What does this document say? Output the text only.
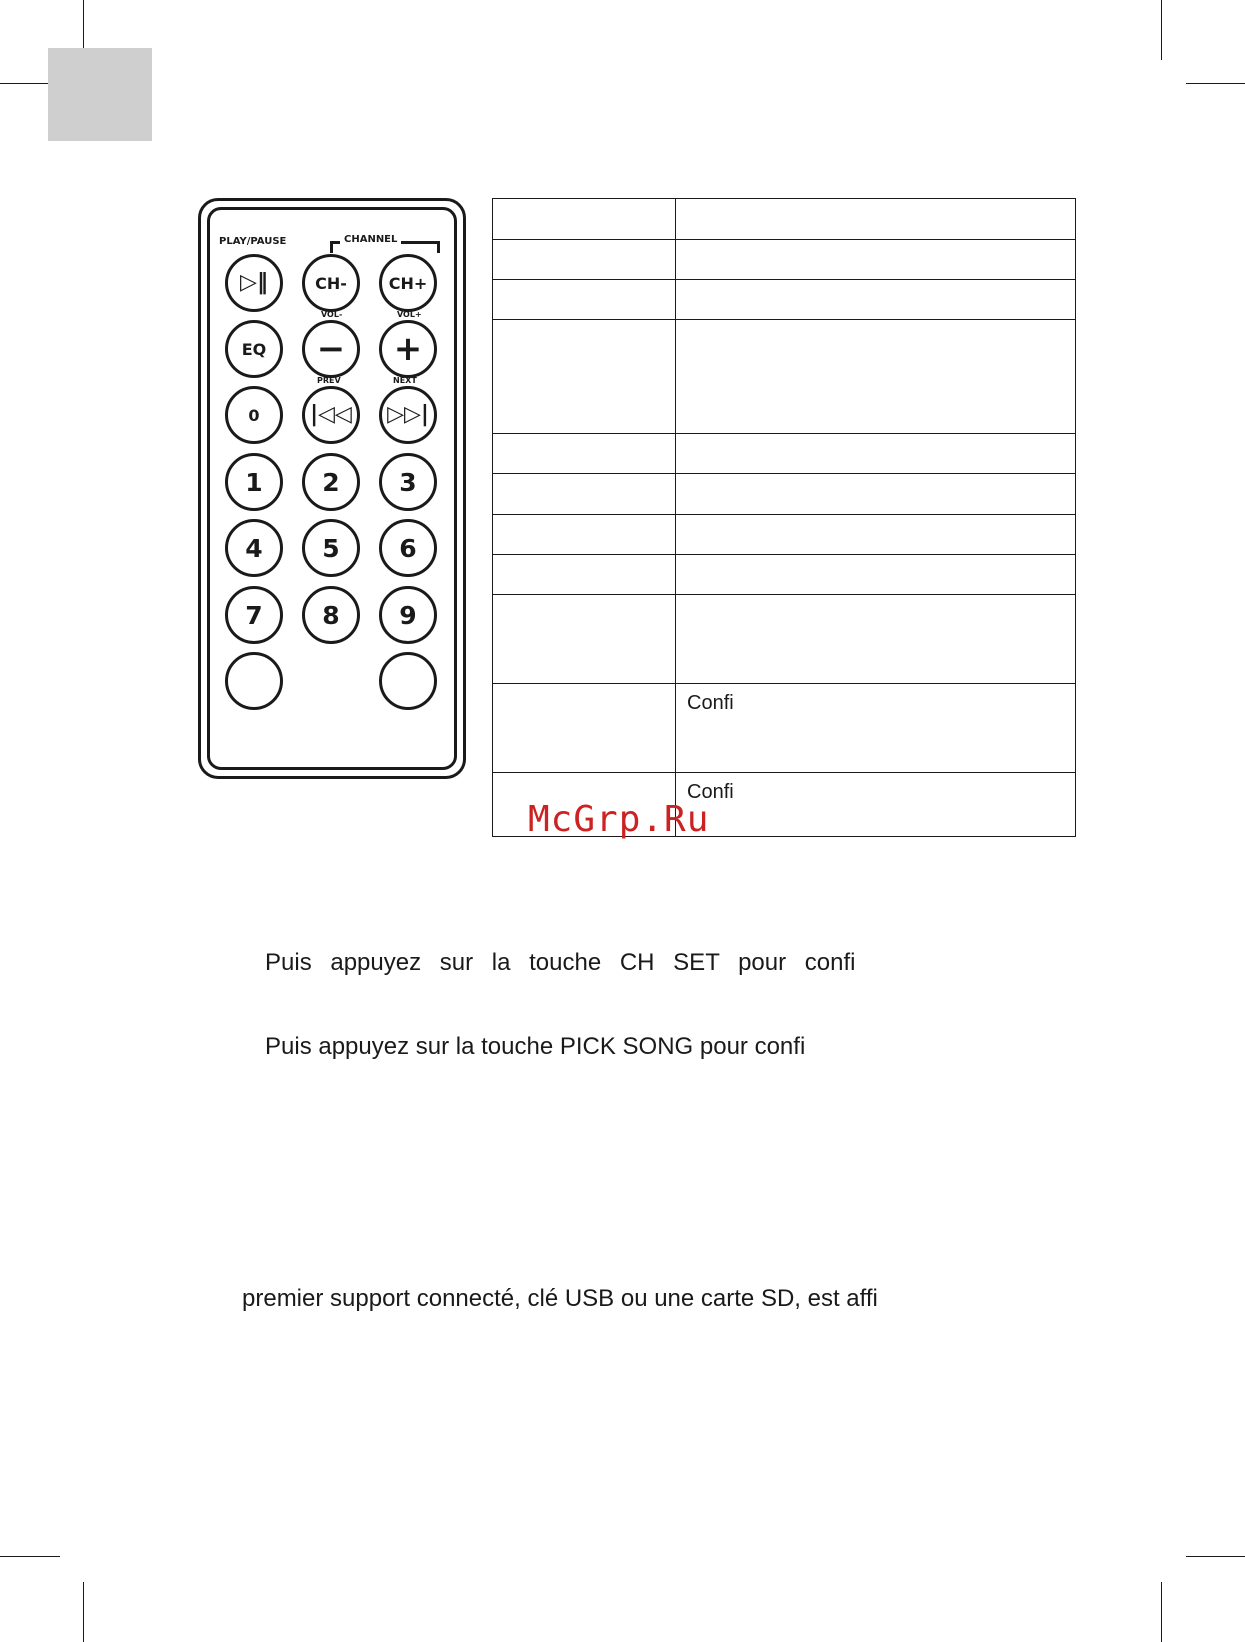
PLAY/PAUSE	CHANNEL
▷‖	CH-	CH+
VOL-	VOL+
EQ − +
PREV	NEXT
0 |◁◁ ▷▷|
1 2 3
4 5 6
7 8 9

	Confi
	Confi
McGrp.Ru

Puis appuyez sur la touche CH SET pour confi

Puis appuyez sur la touche PICK SONG pour confi

premier support connecté, clé USB ou une carte SD, est affi
